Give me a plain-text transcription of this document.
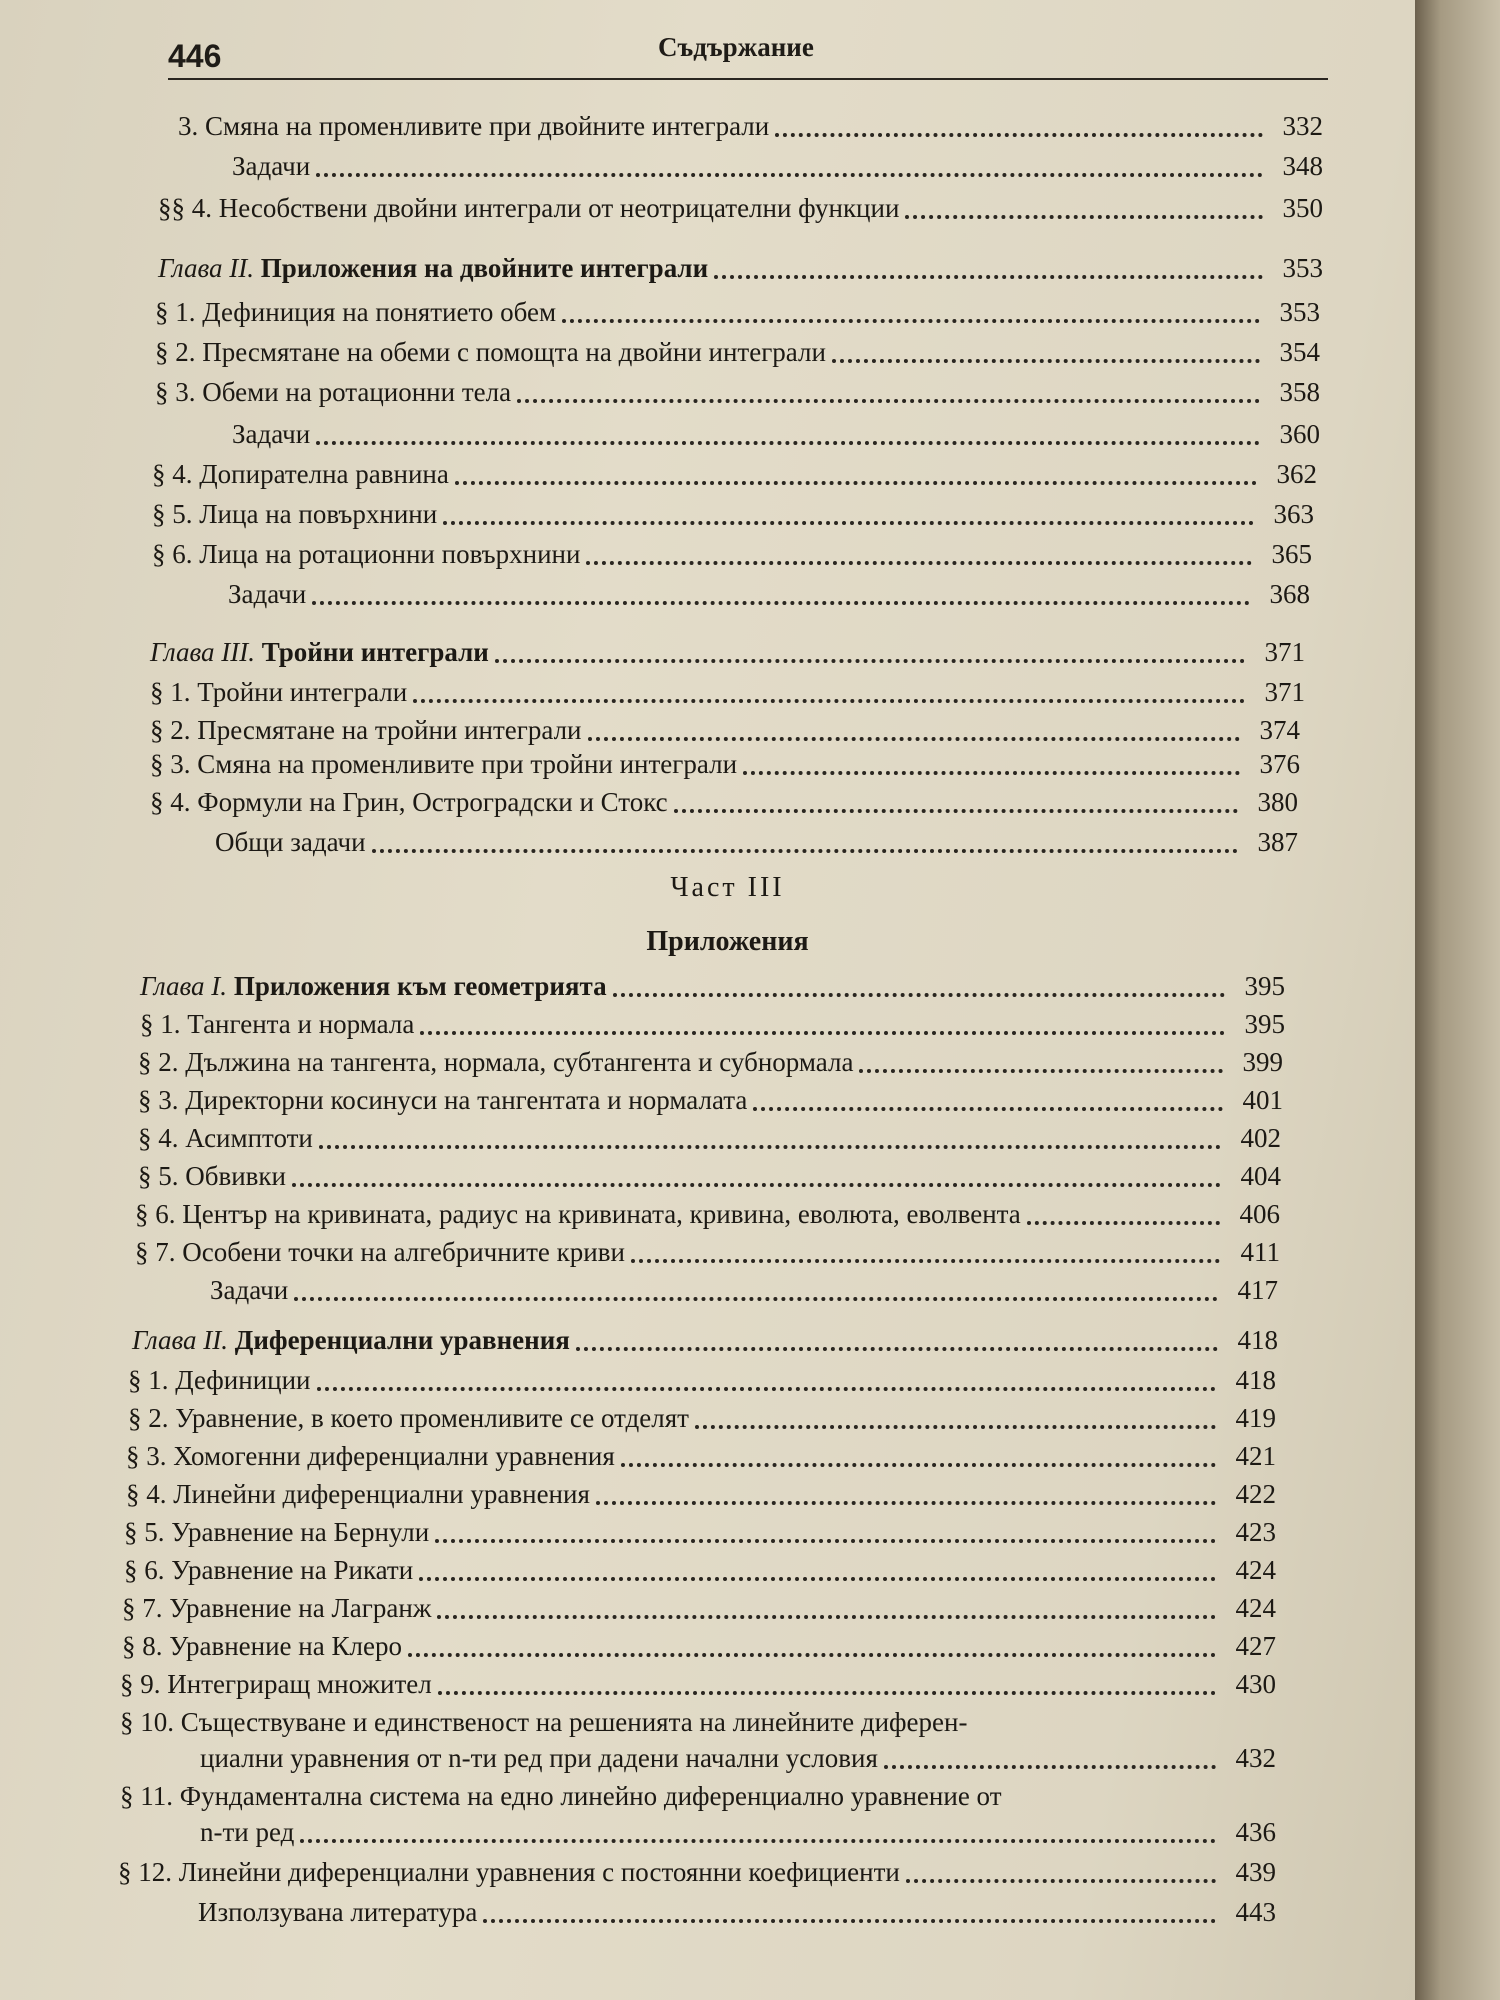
446	Съдържание
3. Смяна на променливите при двойните интеграли	332
Задачи	348
§§ 4. Несобствени двойни интеграли от неотрицателни функции	350
Глава II. Приложения на двойните интеграли	353
§ 1. Дефиниция на понятието обем	353
§ 2. Пресмятане на обеми с помощта на двойни интеграли	354
§ 3. Обеми на ротационни тела	358
Задачи	360
§ 4. Допирателна равнина	362
§ 5. Лица на повърхнини	363
§ 6. Лица на ротационни повърхнини	365
Задачи	368
Глава III. Тройни интеграли	371
§ 1. Тройни интеграли	371
§ 2. Пресмятане на тройни интеграли	374
§ 3. Смяна на променливите при тройни интеграли	376
§ 4. Формули на Грин, Остроградски и Стокс	380
Общи задачи	387
Част III
Приложения
Глава I. Приложения към геометрията	395
§ 1. Тангента и нормала	395
§ 2. Дължина на тангента, нормала, субтангента и субнормала	399
§ 3. Директорни косинуси на тангентата и нормалата	401
§ 4. Асимптоти	402
§ 5. Обвивки	404
§ 6. Център на кривината, радиус на кривината, кривина, еволюта, еволвента	406
§ 7. Особени точки на алгебричните криви	411
Задачи	417
Глава II. Диференциални уравнения	418
§ 1. Дефиниции	418
§ 2. Уравнение, в което променливите се отделят	419
§ 3. Хомогенни диференциални уравнения	421
§ 4. Линейни диференциални уравнения	422
§ 5. Уравнение на Бернули	423
§ 6. Уравнение на Рикати	424
§ 7. Уравнение на Лагранж	424
§ 8. Уравнение на Клеро	427
§ 9. Интегриращ множител	430
§ 10. Съществуване и единственост на решенията на линейните диферен-
циални уравнения от n-ти ред при дадени начални условия	432
§ 11. Фундаментална система на едно линейно диференциално уравнение от
n-ти ред	436
§ 12. Линейни диференциални уравнения с постоянни коефициенти	439
Използувана литература	443
